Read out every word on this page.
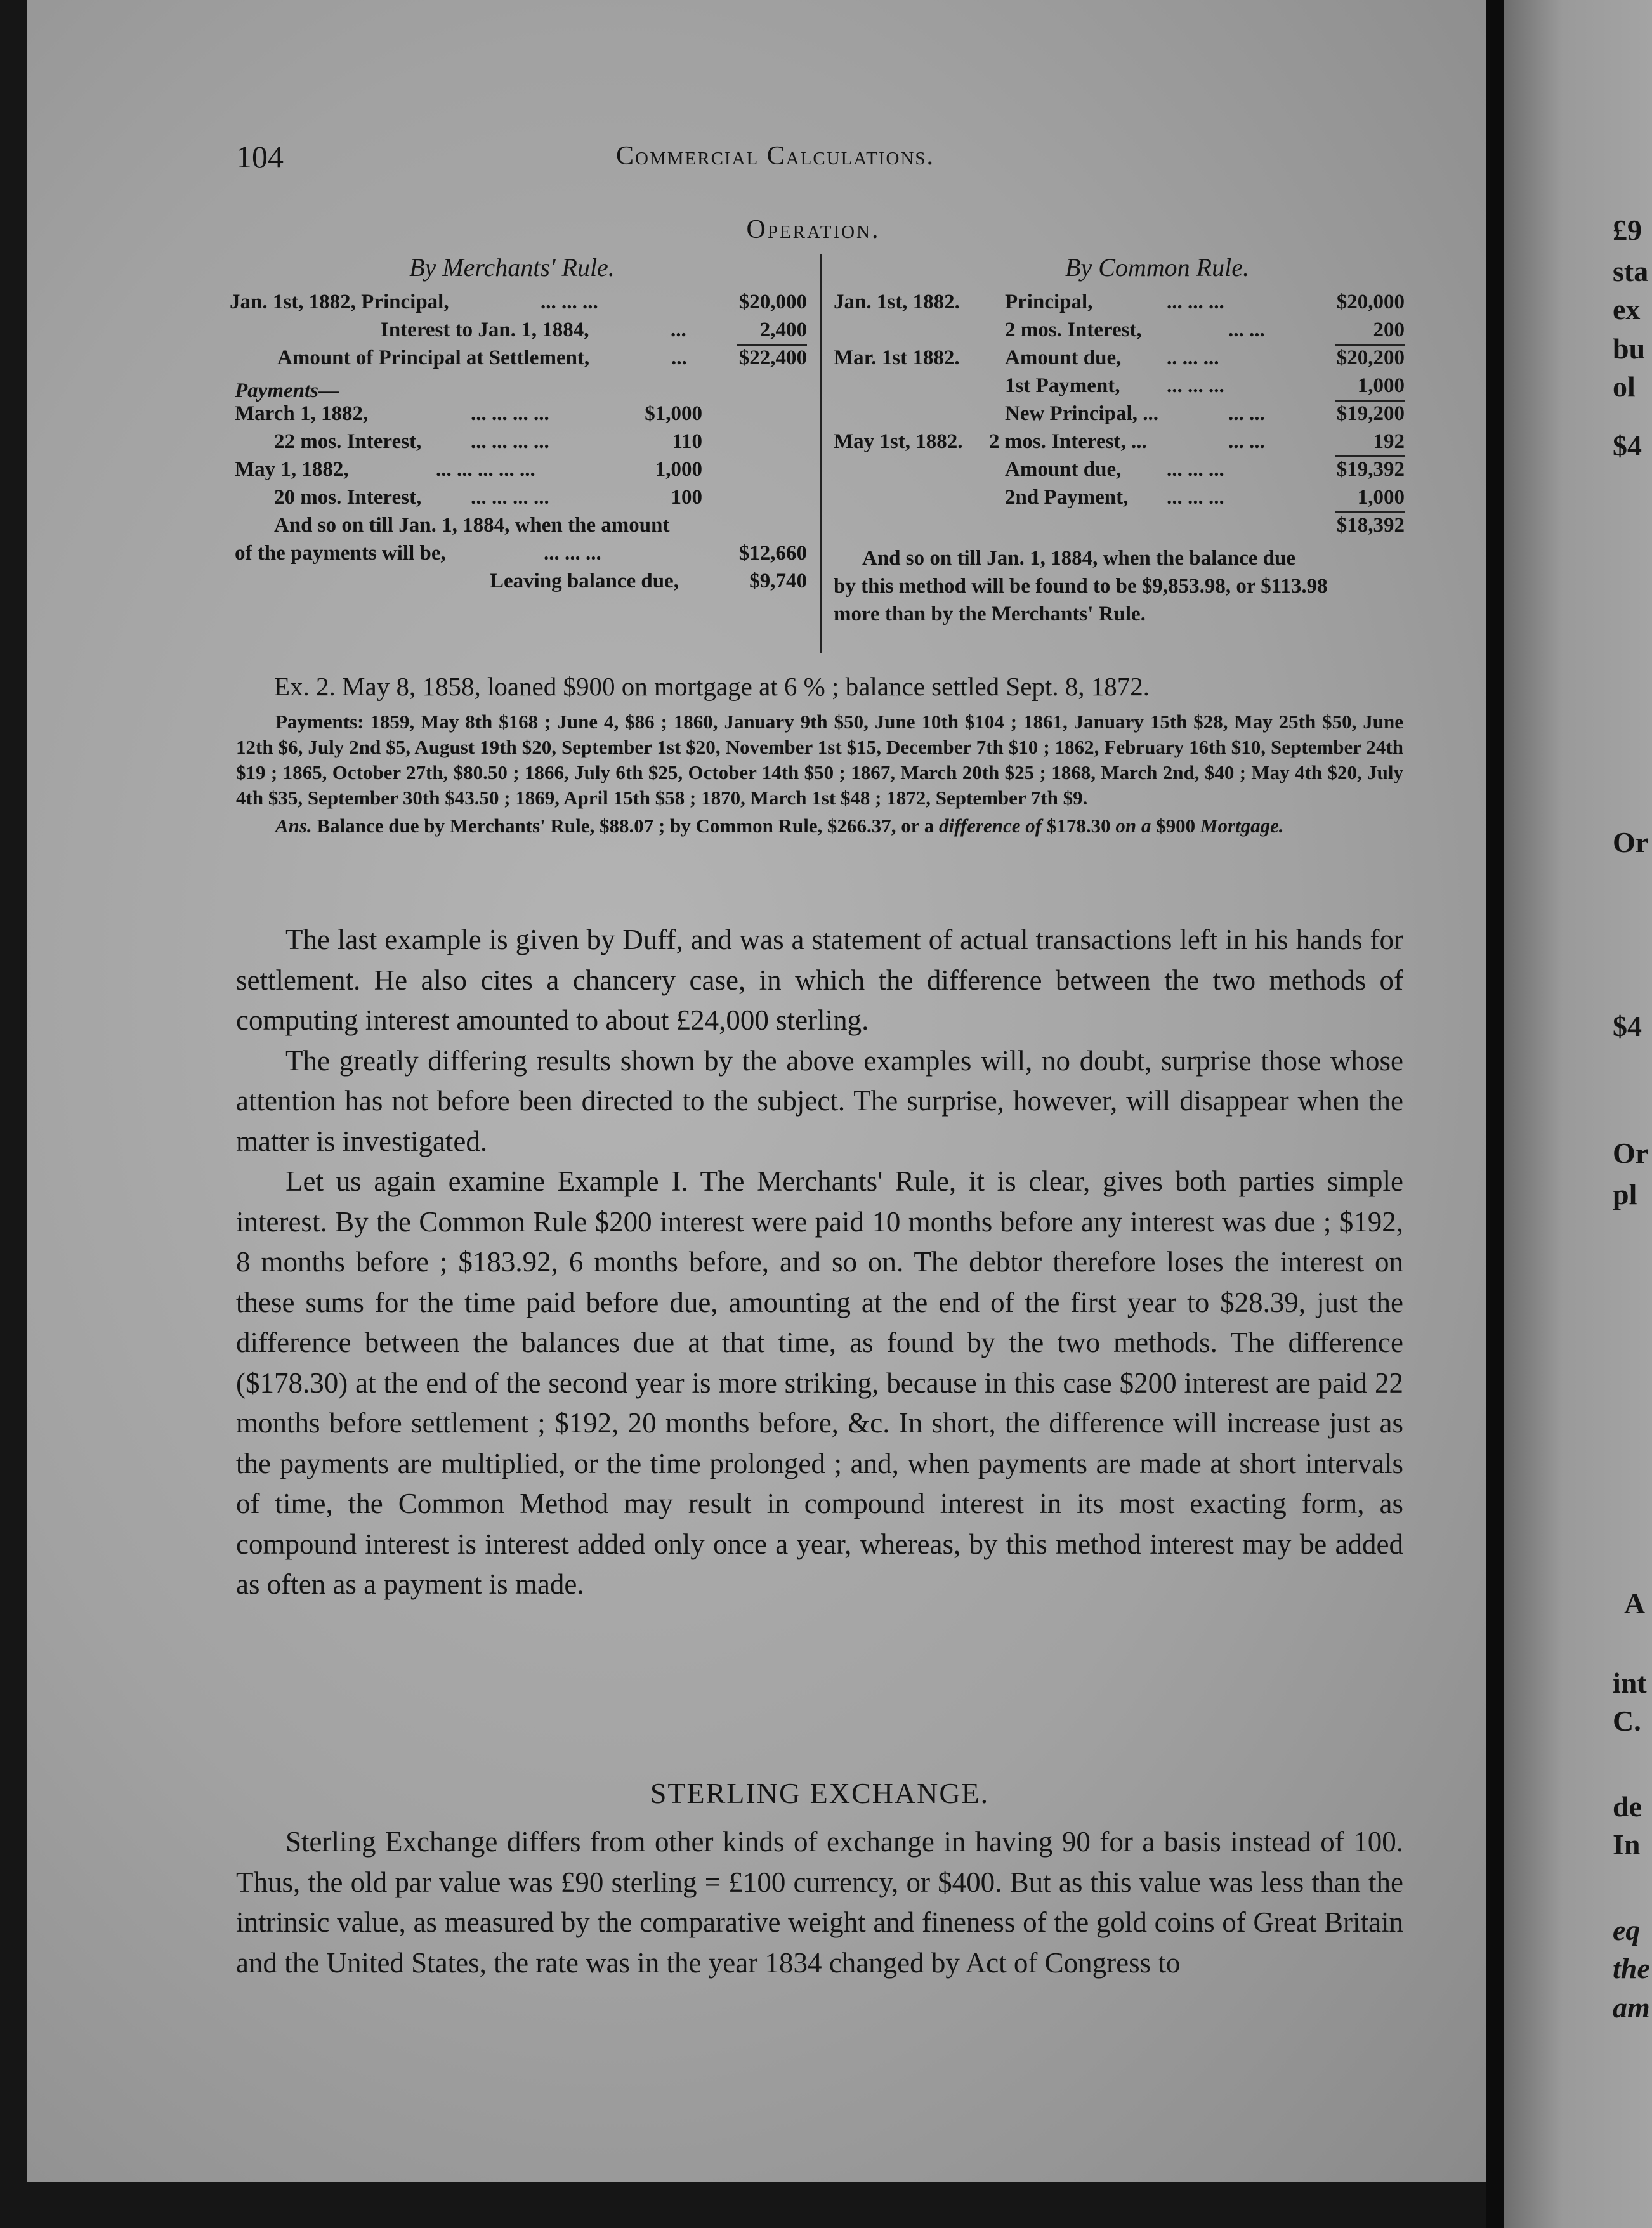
104	Commercial Calculations.
Operation.
By Merchants' Rule.
Jan. 1st, 1882, Principal,	... ... ...	$20,000
Interest to Jan. 1, 1884,	...	2,400
Amount of Principal at Settlement,	...	$22,400
Payments—
March 1, 1882,	... ... ... ...	$1,000
22 mos. Interest, ... ... ... ...	110
May 1, 1882,	... ... ... ... ...	1,000
20 mos. Interest, ... ... ... ...	100
And so on till Jan. 1, 1884, when the amount
of the payments will be,	... ... ...	$12,660
Leaving balance due,	$9,740
By Common Rule.
Jan. 1st, 1882. Principal,	... ... ...	$20,000
2 mos. Interest,	... ...	200
Mar. 1st 1882. Amount due, .. ... ...	$20,200
1st Payment, ... ... ...	1,000
New Principal, ...	... ...	$19,200
May 1st, 1882. 2 mos. Interest, ...	... ...	192
Amount due, ... ... ...	$19,392
2nd Payment, ... ... ...	1,000
$18,392
And so on till Jan. 1, 1884, when the balance due
by this method will be found to be $9,853.98, or $113.98
more than by the Merchants' Rule.
Ex. 2. May 8, 1858, loaned $900 on mortgage at 6 % ; balance settled Sept. 8, 1872.

Payments: 1859, May 8th $168 ; June 4, $86 ; 1860, January 9th $50, June 10th $104 ; 1861, January 15th $28, May 25th $50, June 12th $6, July 2nd $5, August 19th $20, September 1st $20, November 1st $15, December 7th $10 ; 1862, February 16th $10, September 24th $19 ; 1865, October 27th, $80.50 ; 1866, July 6th $25, October 14th $50 ; 1867, March 20th $25 ; 1868, March 2nd, $40 ; May 4th $20, July 4th $35, September 30th $43.50 ; 1869, April 15th $58 ; 1870, March 1st $48 ; 1872, September 7th $9.

Ans. Balance due by Merchants' Rule, $88.07 ; by Common Rule, $266.37, or a difference of $178.30 on a $900 Mortgage.

The last example is given by Duff, and was a statement of actual transactions left in his hands for settlement. He also cites a chancery case, in which the difference between the two methods of computing interest amounted to about £24,000 sterling.

The greatly differing results shown by the above examples will, no doubt, surprise those whose attention has not before been directed to the subject. The surprise, however, will disappear when the matter is investigated.

Let us again examine Example I. The Merchants' Rule, it is clear, gives both parties simple interest. By the Common Rule $200 interest were paid 10 months before any interest was due ; $192, 8 months before ; $183.92, 6 months before, and so on. The debtor therefore loses the interest on these sums for the time paid before due, amounting at the end of the first year to $28.39, just the difference between the balances due at that time, as found by the two methods. The difference ($178.30) at the end of the second year is more striking, because in this case $200 interest are paid 22 months before settlement ; $192, 20 months before, &c. In short, the difference will increase just as the payments are multiplied, or the time prolonged ; and, when payments are made at short intervals of time, the Common Method may result in compound interest in its most exacting form, as compound interest is interest added only once a year, whereas, by this method interest may be added as often as a payment is made.

STERLING EXCHANGE.

Sterling Exchange differs from other kinds of exchange in having 90 for a basis instead of 100. Thus, the old par value was £90 sterling = £100 currency, or $400. But as this value was less than the intrinsic value, as measured by the comparative weight and fineness of the gold coins of Great Britain and the United States, the rate was in the year 1834 changed by Act of Congress to

£9
sta
ex
bu
ol
$4
Or
$4
Or
pl
A
int
C.
de
In
eq
the
am
